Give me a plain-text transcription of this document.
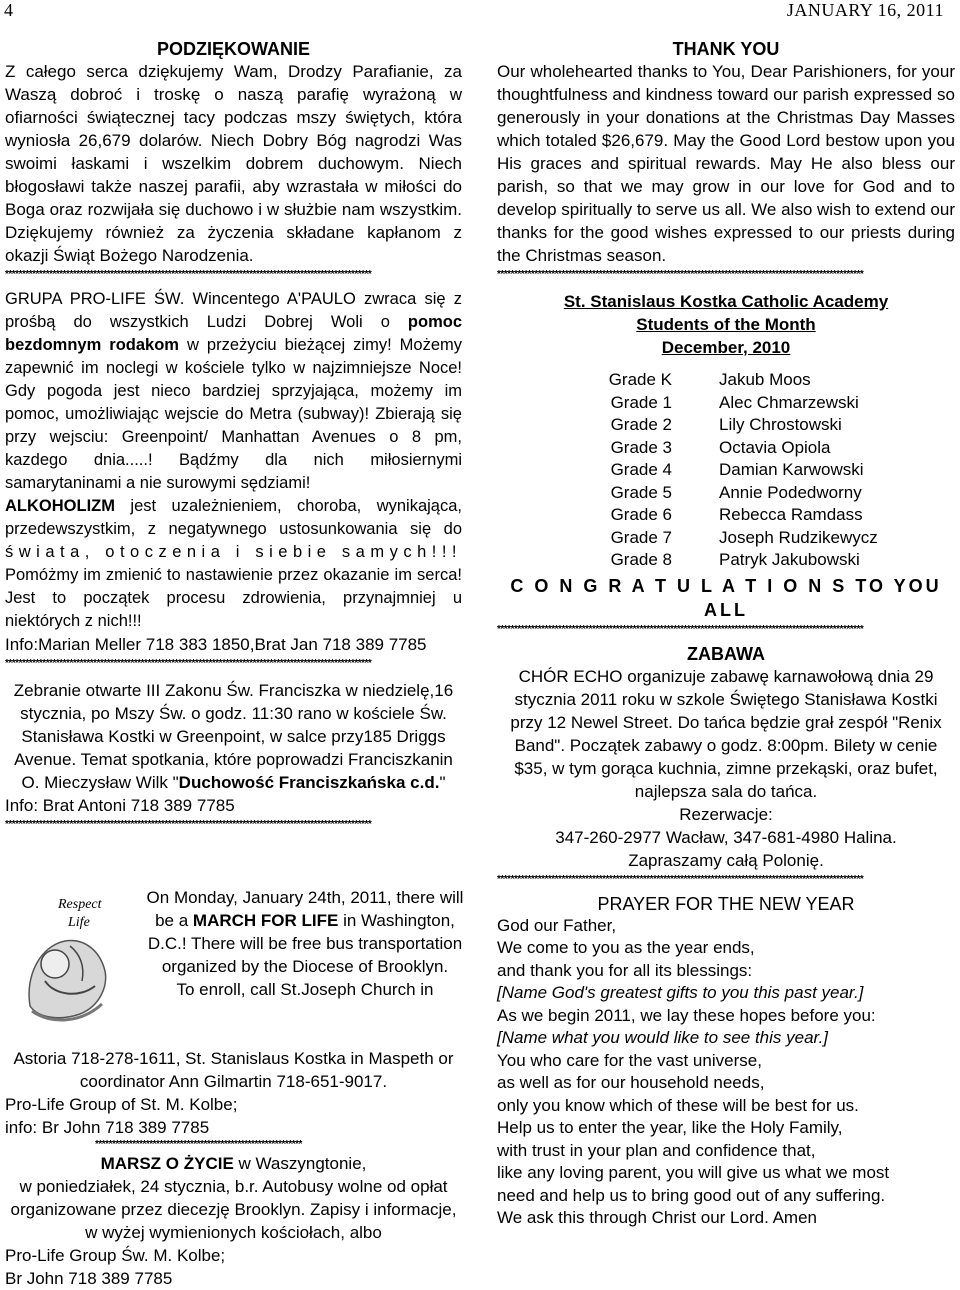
4	JANUARY 16, 2011

PODZIĘKOWANIE

Z całego serca dziękujemy Wam, Drodzy Parafianie, za Waszą dobroć i troskę o naszą parafię wyrażoną w ofiarności świątecznej tacy podczas mszy świętych, która wyniosła 26,679 dolarów. Niech Dobry Bóg nagrodzi Was swoimi łaskami i wszelkim dobrem duchowym. Niech błogosławi także naszej parafii, aby wzrastała w miłości do Boga oraz rozwijała się duchowo i w służbie nam wszystkim. Dziękujemy również za życzenia składane kapłanom z okazji Świąt Bożego Narodzenia.

************************************************************************************************************

GRUPA PRO-LIFE ŚW. Wincentego A'PAULO zwraca się z prośbą do wszystkich Ludzi Dobrej Woli o pomoc bezdomnym rodakom w przeżyciu bieżącej zimy! Możemy zapewnić im noclegi w kościele tylko w najzimniejsze Noce! Gdy pogoda jest nieco bardziej sprzyjająca, możemy im pomoc, umożliwiając wejscie do Metra (subway)! Zbierają się przy wejsciu: Greenpoint/ Manhattan Avenues o 8 pm, kazdego dnia.....! Bądźmy dla nich miłosiernymi samarytaninami a nie surowymi sędziami!

ALKOHOLIZM jest uzależnieniem, choroba, wynikająca, przedewszystkim, z negatywnego ustosunkowania się do świata, otoczenia i siebie samych!!! Pomóżmy im zmienić to nastawienie przez okazanie im serca! Jest to początek procesu zdrowienia, przynajmniej u niektórych z nich!!!

Info:Marian Meller 718 383 1850,Brat Jan 718 389 7785

************************************************************************************************************

Zebranie otwarte III Zakonu Św. Franciszka w niedzielę,16 stycznia, po Mszy Św. o godz. 11:30 rano w kościele Św. Stanisława Kostki w Greenpoint, w salce przy185 Driggs Avenue. Temat spotkania, które poprowadzi Franciszkanin O. Mieczysław Wilk "Duchowość Franciszkańska c.d."

Info: Brat Antoni 718 389 7785

************************************************************************************************************
Respect
Life

On Monday, January 24th, 2011, there will be a MARCH FOR LIFE in Washington, D.C.! There will be free bus transportation organized by the Diocese of Brooklyn.

To enroll, call St.Joseph Church in

Astoria 718-278-1611, St. Stanislaus Kostka in Maspeth or coordinator Ann Gilmartin 718-651-9017.

Pro-Life Group of St. M. Kolbe;

info: Br John 718 389 7785

*************************************************************

MARSZ O ŻYCIE w Waszyngtonie,

w poniedziałek, 24 stycznia, b.r. Autobusy wolne od opłat organizowane przez diecezję Brooklyn. Zapisy i informacje, w wyżej wymienionych kościołach, albo

Pro-Life Group Św. M. Kolbe;

Br John 718 389 7785

THANK YOU

Our wholehearted thanks to You, Dear Parishioners, for your thoughtfulness and kindness toward our parish expressed so generously in your donations at the Christmas Day Masses which totaled $26,679. May the Good Lord bestow upon you His graces and spiritual rewards. May He also bless our parish, so that we may grow in our love for God and to develop spiritually to serve us all. We also wish to extend our thanks for the good wishes expressed to our priests during the Christmas season.

************************************************************************************************************

St. Stanislaus Kostka Catholic Academy

Students of the Month

December, 2010

Grade K	Jakub Moos
Grade 1	Alec Chmarzewski
Grade 2	Lily Chrostowski
Grade 3	Octavia Opiola
Grade 4	Damian Karwowski
Grade 5	Annie Podedworny
Grade 6	Rebecca Ramdass
Grade 7	Joseph Rudzikewycz
Grade 8	Patryk Jakubowski

C O N G R A T U L A T I O N S TO YOU ALL

************************************************************************************************************

ZABAWA

CHÓR ECHO organizuje zabawę karnawołową dnia 29 stycznia 2011 roku w szkole Świętego Stanisława Kostki przy 12 Newel Street. Do tańca będzie grał zespół "Renix Band". Początek zabawy o godz. 8:00pm. Bilety w cenie $35, w tym gorąca kuchnia, zimne przekąski, oraz bufet, najlepsza sala do tańca.

Rezerwacje:

347-260-2977 Wacław, 347-681-4980 Halina.

Zapraszamy całą Polonię.

************************************************************************************************************

PRAYER FOR THE NEW YEAR

God our Father,

We come to you as the year ends,

and thank you for all its blessings:

[Name God's greatest gifts to you this past year.]

As we begin 2011, we lay these hopes before you:

[Name what you would like to see this year.]

You who care for the vast universe,

as well as for our household needs,

only you know which of these will be best for us.

Help us to enter the year, like the Holy Family,

with trust in your plan and confidence that,

like any loving parent, you will give us what we most

need and help us to bring good out of any suffering.

We ask this through Christ our Lord. Amen
